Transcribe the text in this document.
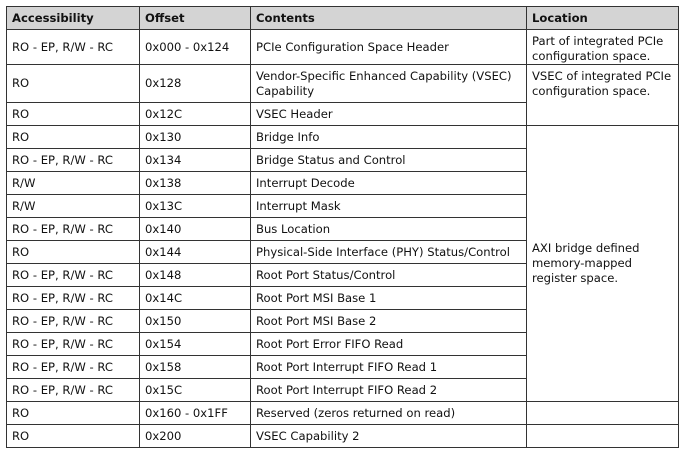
Accessibility	Offset	Contents	Location
RO - EP, R/W - RC	0x000 - 0x124	PCIe Configuration Space Header	Part of integrated PCIe configuration space.
RO	0x128	Vendor-Specific Enhanced Capability (VSEC) Capability	VSEC of integrated PCIe configuration space.
RO	0x12C	VSEC Header	
RO	0x130	Bridge Info	AXI bridge defined memory-mapped register space.
RO - EP, R/W - RC	0x134	Bridge Status and Control	
R/W	0x138	Interrupt Decode	
R/W	0x13C	Interrupt Mask	
RO - EP, R/W - RC	0x140	Bus Location	
RO	0x144	Physical-Side Interface (PHY) Status/Control	
RO - EP, R/W - RC	0x148	Root Port Status/Control	
RO - EP, R/W - RC	0x14C	Root Port MSI Base 1	
RO - EP, R/W - RC	0x150	Root Port MSI Base 2	
RO - EP, R/W - RC	0x154	Root Port Error FIFO Read	
RO - EP, R/W - RC	0x158	Root Port Interrupt FIFO Read 1	
RO - EP, R/W - RC	0x15C	Root Port Interrupt FIFO Read 2	
RO	0x160 - 0x1FF	Reserved (zeros returned on read)	
RO	0x200	VSEC Capability 2	
